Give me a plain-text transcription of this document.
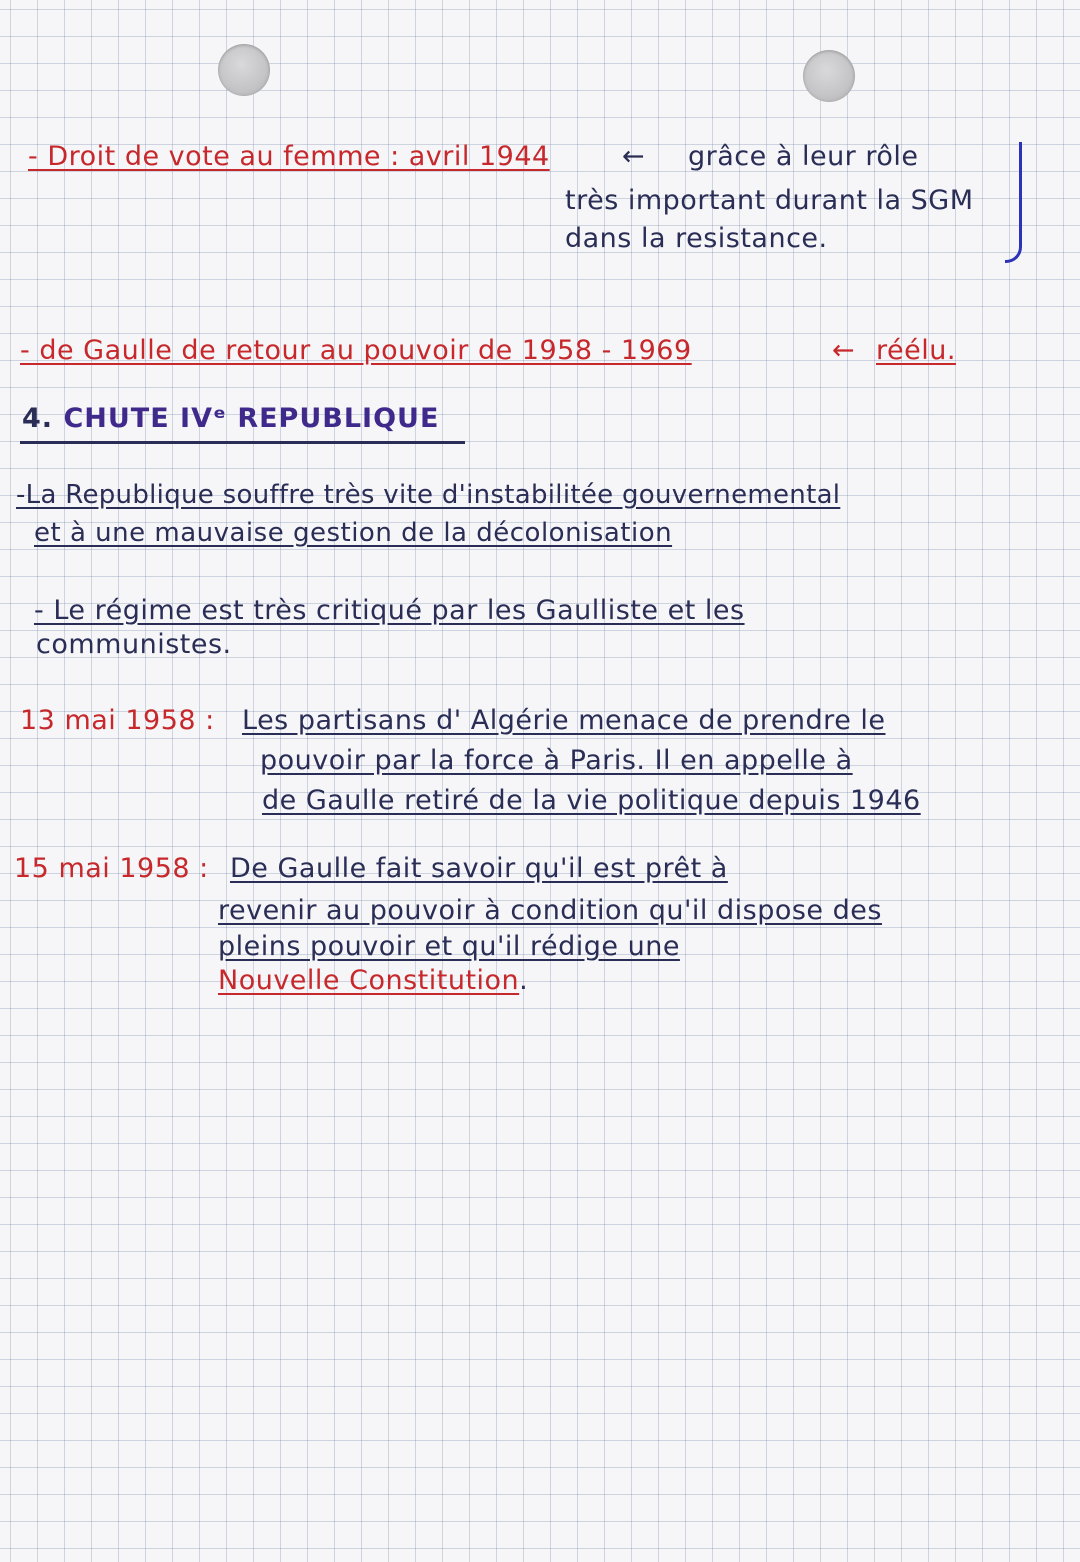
- Droit de vote au femme : avril 1944	← grâce à leur rôle
très important durant la SGM
dans la resistance.
- de Gaulle de retour au pouvoir de 1958 - 1969	← réélu.
4. CHUTE IVᵉ REPUBLIQUE
-La Republique souffre très vite d'instabilitée gouvernemental
et à une mauvaise gestion de la décolonisation
- Le régime est très critiqué par les Gaulliste et les
communistes.
13 mai 1958 : Les partisans d' Algérie menace de prendre le
pouvoir par la force à Paris. Il en appelle à
de Gaulle retiré de la vie politique depuis 1946
15 mai 1958 : De Gaulle fait savoir qu'il est prêt à
revenir au pouvoir à condition qu'il dispose des
pleins pouvoir et qu'il rédige une
Nouvelle Constitution.
